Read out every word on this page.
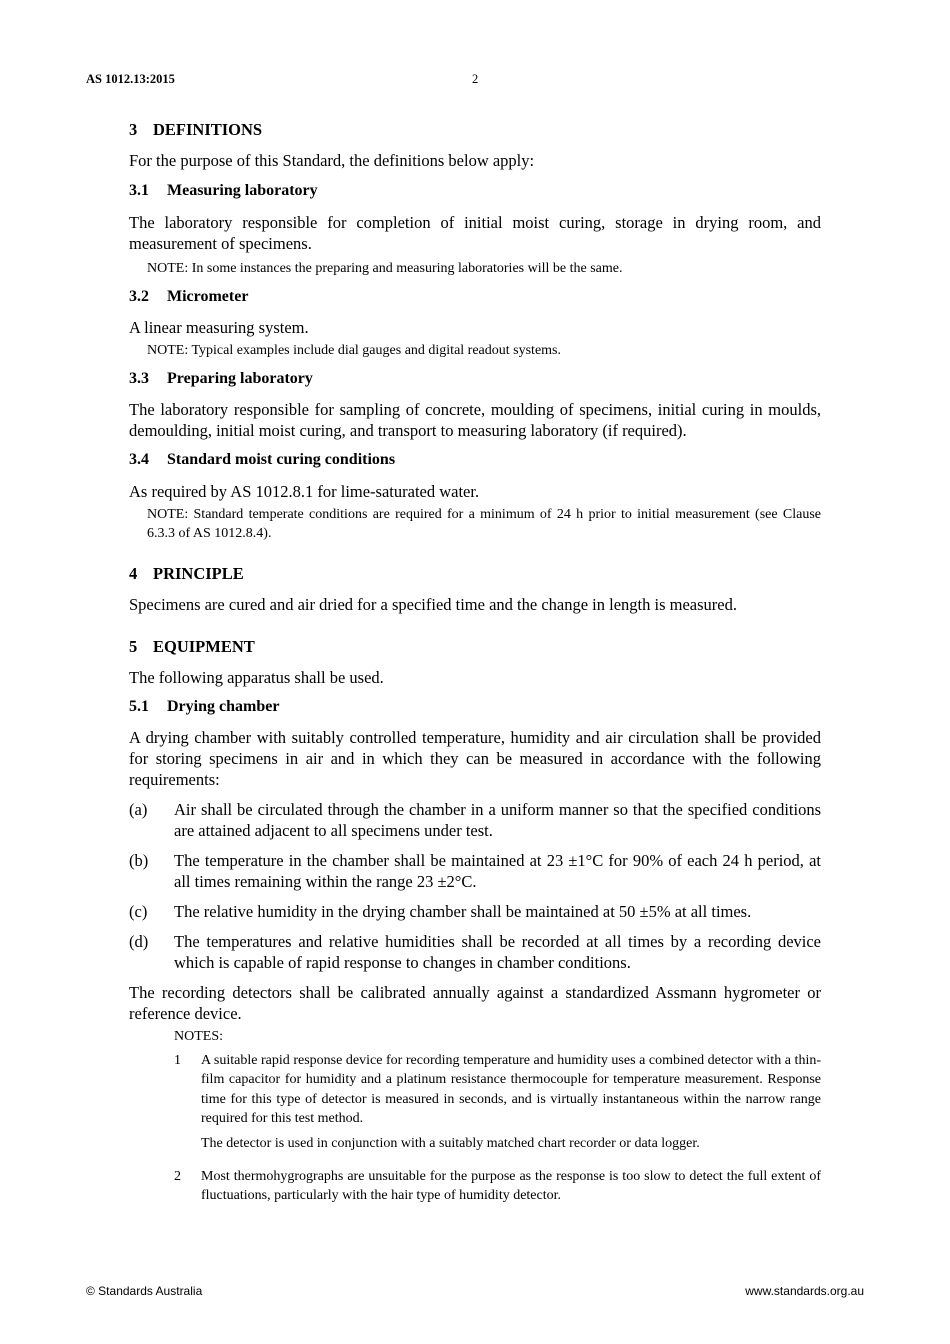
AS 1012.13:2015	2
3 DEFINITIONS

For the purpose of this Standard, the definitions below apply:

3.1 Measuring laboratory

The laboratory responsible for completion of initial moist curing, storage in drying room, and measurement of specimens.

NOTE: In some instances the preparing and measuring laboratories will be the same.

3.2 Micrometer

A linear measuring system.

NOTE: Typical examples include dial gauges and digital readout systems.

3.3 Preparing laboratory

The laboratory responsible for sampling of concrete, moulding of specimens, initial curing in moulds, demoulding, initial moist curing, and transport to measuring laboratory (if required).

3.4 Standard moist curing conditions

As required by AS 1012.8.1 for lime-saturated water.

NOTE: Standard temperate conditions are required for a minimum of 24 h prior to initial measurement (see Clause 6.3.3 of AS 1012.8.4).

4 PRINCIPLE

Specimens are cured and air dried for a specified time and the change in length is measured.

5 EQUIPMENT

The following apparatus shall be used.

5.1 Drying chamber

A drying chamber with suitably controlled temperature, humidity and air circulation shall be provided for storing specimens in air and in which they can be measured in accordance with the following requirements:

(a)	Air shall be circulated through the chamber in a uniform manner so that the specified conditions are attained adjacent to all specimens under test.
(b)	The temperature in the chamber shall be maintained at 23 ±1°C for 90% of each 24 h period, at all times remaining within the range 23 ±2°C.
(c)	The relative humidity in the drying chamber shall be maintained at 50 ±5% at all times.
(d)	The temperatures and relative humidities shall be recorded at all times by a recording device which is capable of rapid response to changes in chamber conditions.

The recording detectors shall be calibrated annually against a standardized Assmann hygrometer or reference device.

NOTES:

1	A suitable rapid response device for recording temperature and humidity uses a combined detector with a thin-film capacitor for humidity and a platinum resistance thermocouple for temperature measurement. Response time for this type of detector is measured in seconds, and is virtually instantaneous within the narrow range required for this test method.

The detector is used in conjunction with a suitably matched chart recorder or data logger.

2	Most thermohygrographs are unsuitable for the purpose as the response is too slow to detect the full extent of fluctuations, particularly with the hair type of humidity detector.
© Standards Australia	www.standards.org.au
